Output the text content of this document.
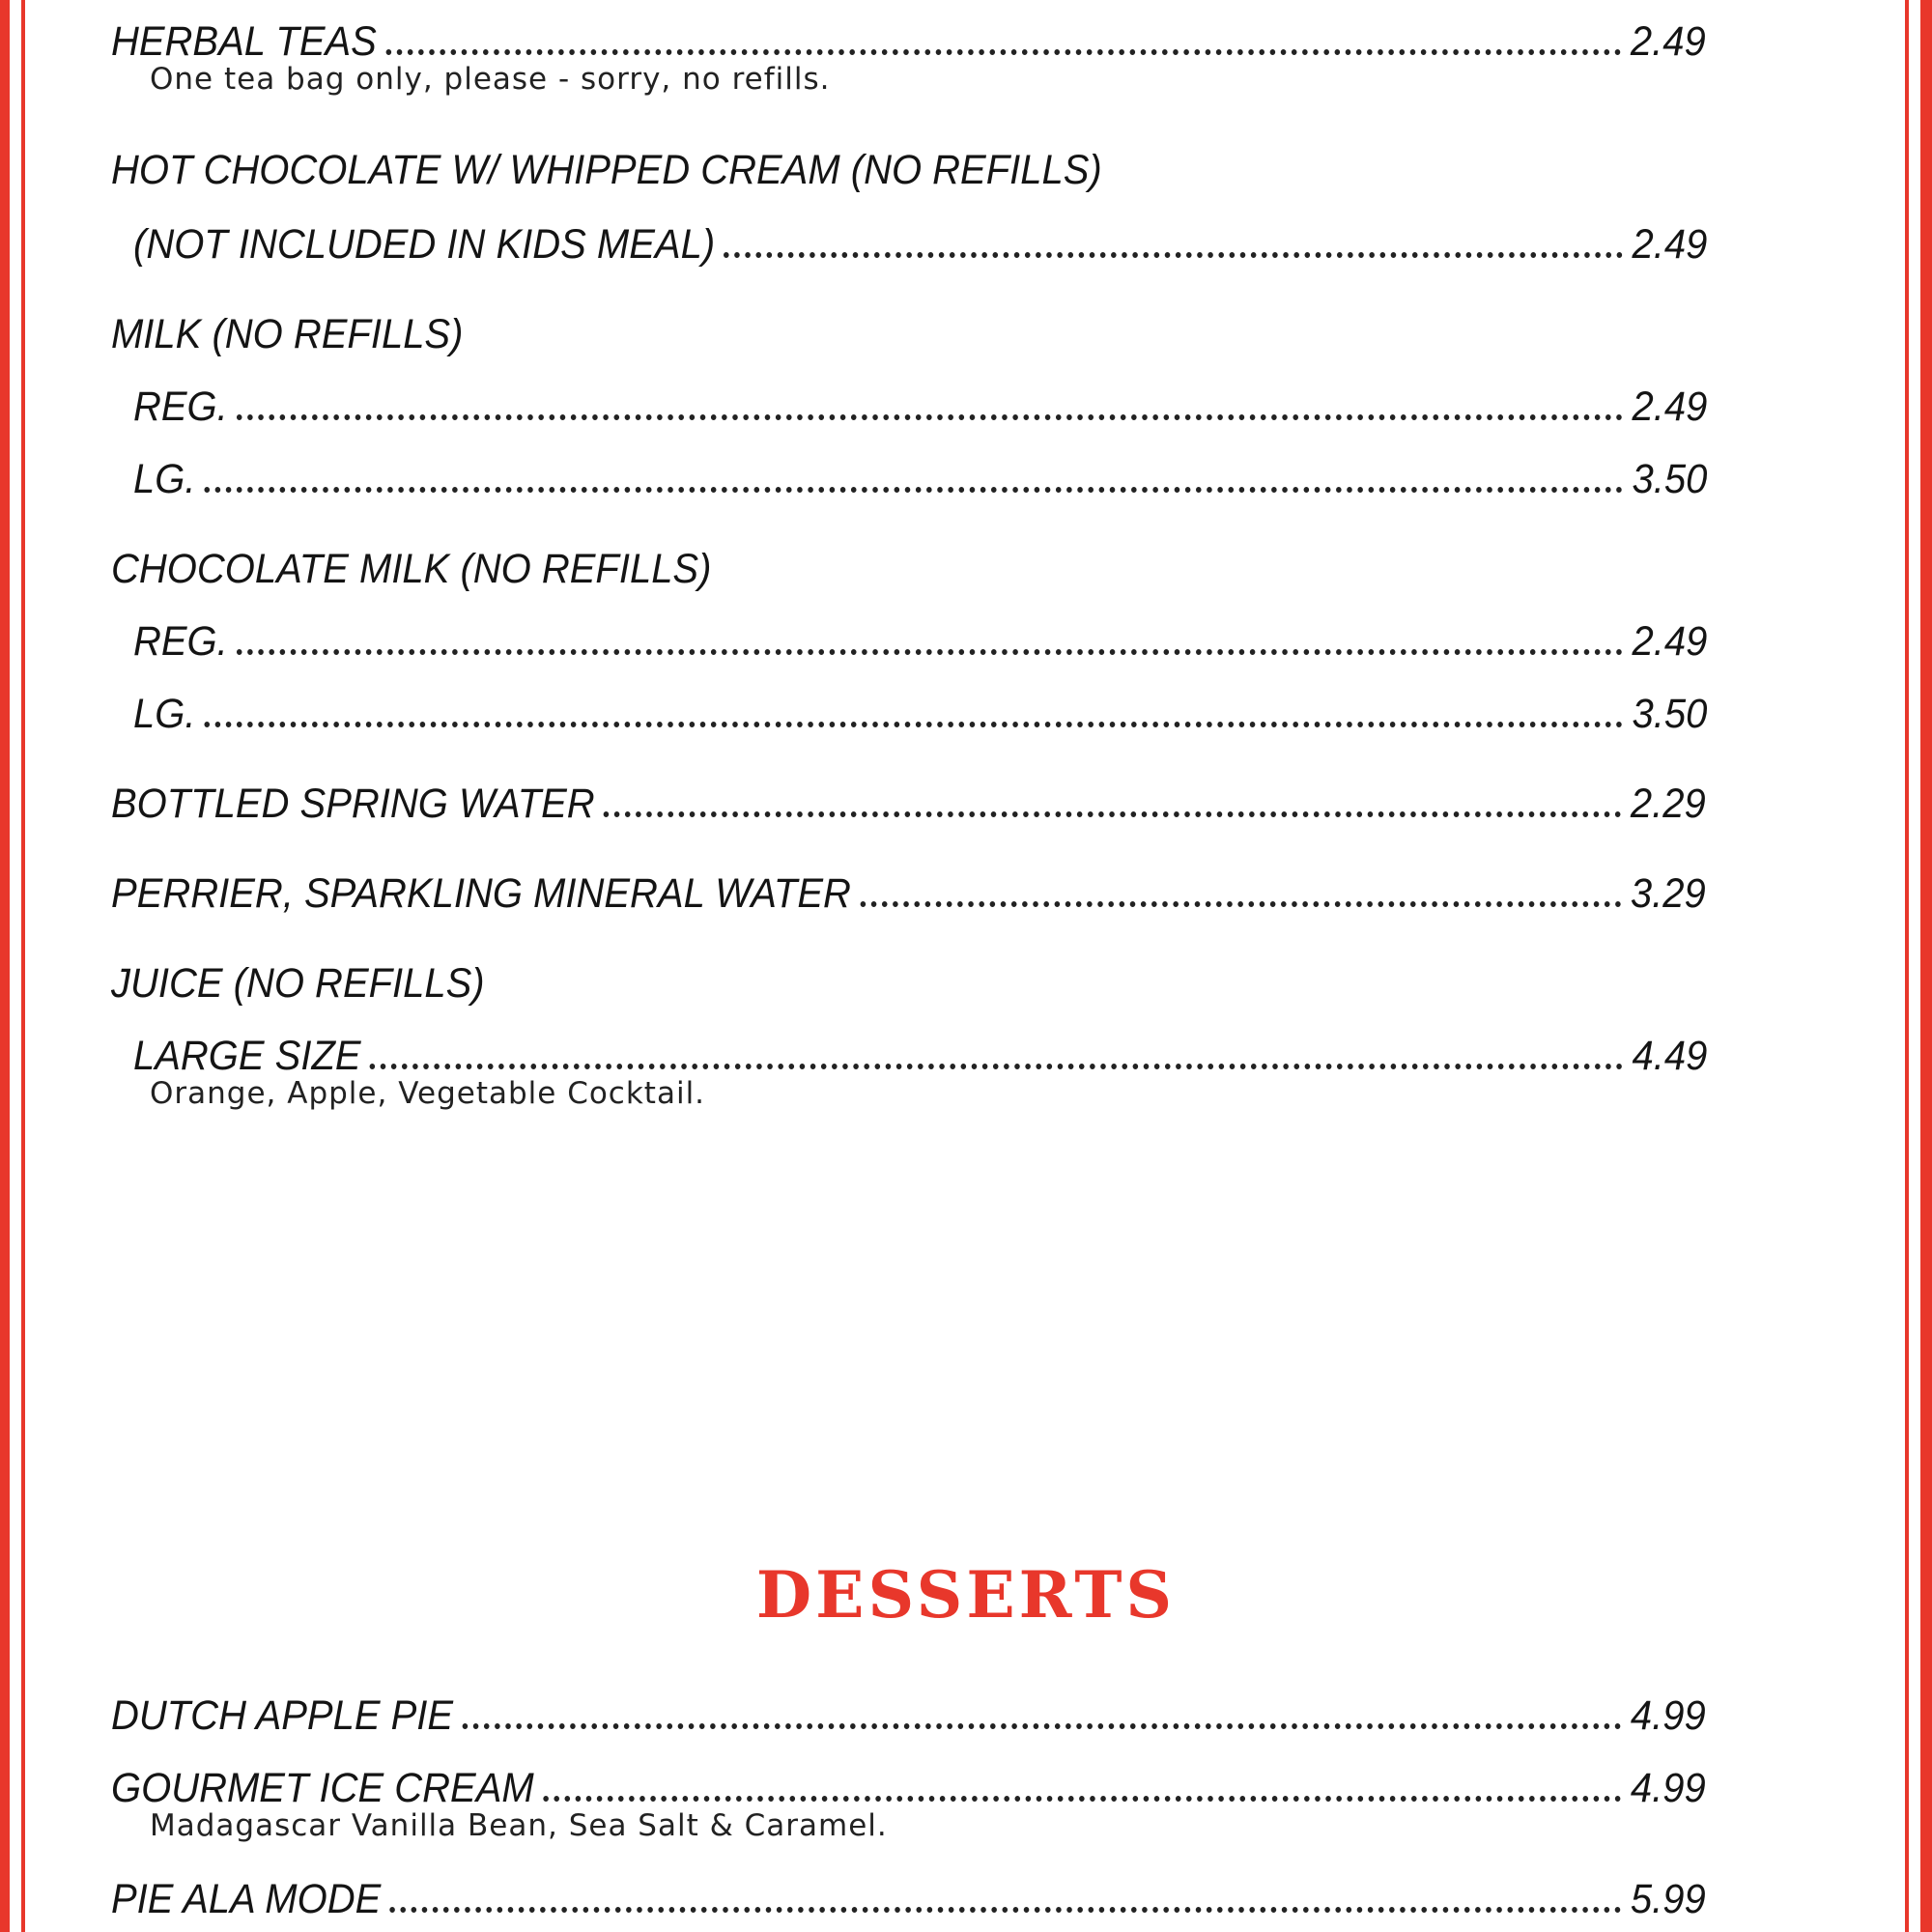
HERBAL TEAS	2.49
One tea bag only, please - sorry, no refills.
HOT CHOCOLATE W/ WHIPPED CREAM (NO REFILLS)
(NOT INCLUDED IN KIDS MEAL)	2.49
MILK (NO REFILLS)
REG.	2.49
LG.	3.50
CHOCOLATE MILK (NO REFILLS)
REG.	2.49
LG.	3.50
BOTTLED SPRING WATER	2.29
PERRIER, SPARKLING MINERAL WATER	3.29
JUICE (NO REFILLS)
LARGE SIZE	4.49
Orange, Apple, Vegetable Cocktail.
DESSERTS
DUTCH APPLE PIE	4.99
GOURMET ICE CREAM	4.99
Madagascar Vanilla Bean, Sea Salt & Caramel.
PIE ALA MODE	5.99
